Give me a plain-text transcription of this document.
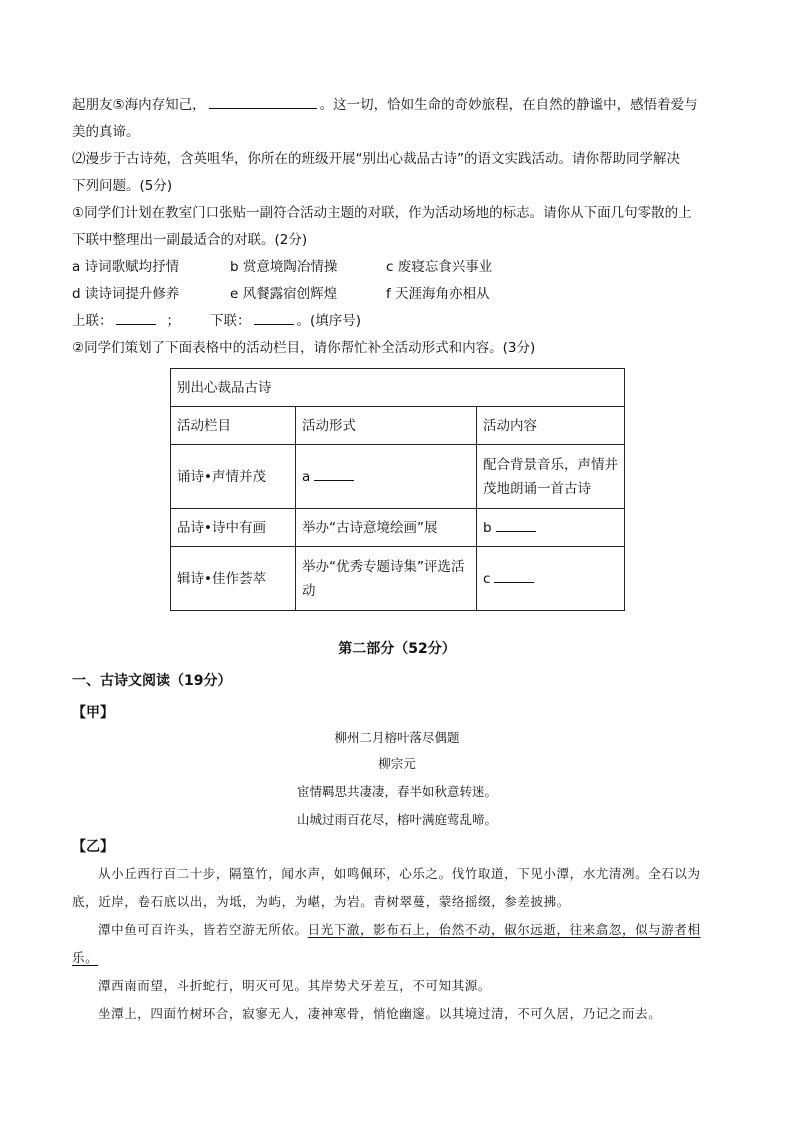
起朋友⑤海内存知己，	。这一切，恰如生命的奇妙旅程，在自然的静谧中，感悟着爱与
美的真谛。
⑵漫步于古诗苑，含英咀华，你所在的班级开展“别出心裁品古诗”的语文实践活动。请你帮助同学解决
下列问题。(5分)
①同学们计划在教室门口张贴一副符合活动主题的对联，作为活动场地的标志。请你从下面几句零散的上
下联中整理出一副最适合的对联。(2分)
a 诗词歌赋均抒情	b 赏意境陶冶情操	c 废寝忘食兴事业
d 读诗词提升修养	e 风餐露宿创辉煌	f 天涯海角亦相从
上联：	； 下联：	。(填序号)
②同学们策划了下面表格中的活动栏目，请你帮忙补全活动形式和内容。(3分)
别出心裁品古诗		
活动栏目	活动形式	活动内容
诵诗•声情并茂	a	配合背景音乐，声情并茂地朗诵一首古诗
品诗•诗中有画	举办“古诗意境绘画”展	b
辑诗•佳作荟萃	举办“优秀专题诗集”评选活动	c
第二部分（52分）
一、古诗文阅读（19分）
【甲】
柳州二月榕叶落尽偶题
柳宗元
宦情羁思共凄凄，春半如秋意转迷。
山城过雨百花尽，榕叶满庭莺乱啼。
【乙】
从小丘西行百二十步，隔篁竹，闻水声，如鸣佩环，心乐之。伐竹取道，下见小潭，水尤清冽。全石以为底，近岸，卷石底以出，为坻，为屿，为嵁，为岩。青树翠蔓，蒙络摇缀，参差披拂。
潭中鱼可百许头，皆若空游无所依。日光下澈，影布石上，佁然不动，俶尔远逝，往来翕忽，似与游者相乐。
潭西南而望，斗折蛇行，明灭可见。其岸势犬牙差互，不可知其源。
坐潭上，四面竹树环合，寂寥无人，凄神寒骨，悄怆幽邃。以其境过清，不可久居，乃记之而去。
